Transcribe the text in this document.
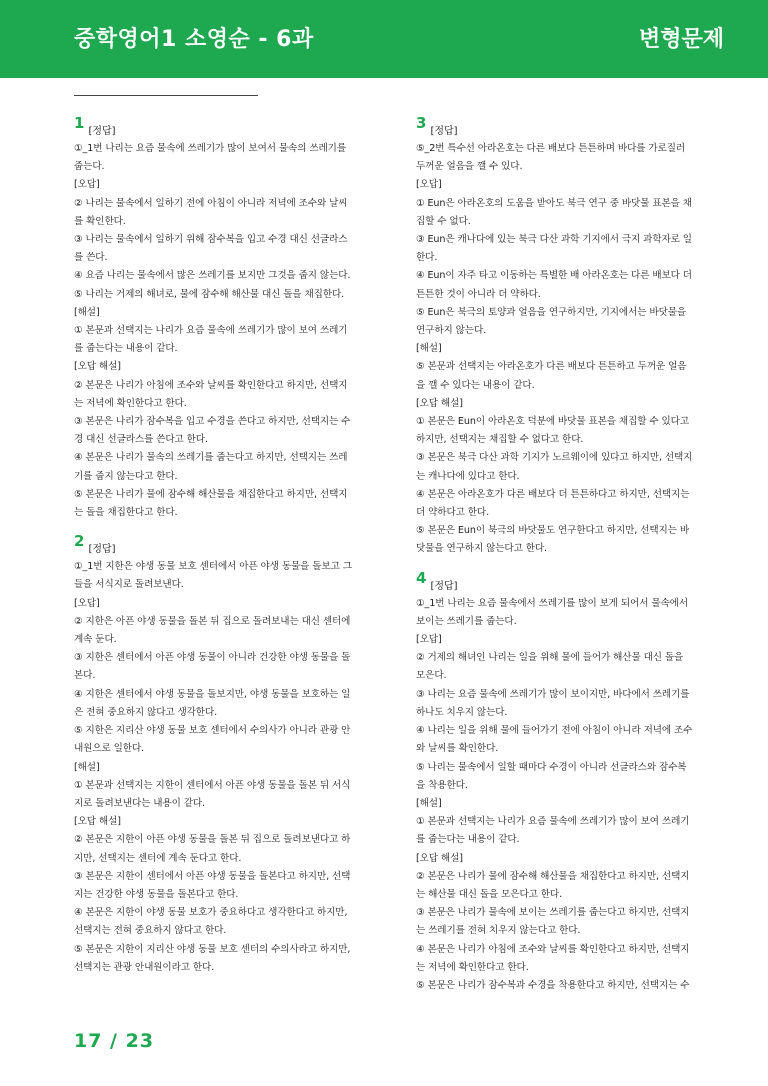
중학영어1 소영순 - 6과	변형문제
1 [정답]
①_1번 나리는 요즘 물속에 쓰레기가 많이 보여서 물속의 쓰레기를
줍는다.
[오답]
② 나리는 물속에서 일하기 전에 아침이 아니라 저녁에 조수와 날씨
를 확인한다.
③ 나리는 물속에서 일하기 위해 잠수복을 입고 수경 대신 선글라스
를 쓴다.
④ 요즘 나리는 물속에서 많은 쓰레기를 보지만 그것을 줍지 않는다.
⑤ 나리는 거제의 해녀로, 물에 잠수해 해산물 대신 돌을 채집한다.
[해설]
① 본문과 선택지는 나리가 요즘 물속에 쓰레기가 많이 보여 쓰레기
를 줍는다는 내용이 같다.
[오답 해설]
② 본문은 나리가 아침에 조수와 날씨를 확인한다고 하지만, 선택지
는 저녁에 확인한다고 한다.
③ 본문은 나리가 잠수복을 입고 수경을 쓴다고 하지만, 선택지는 수
경 대신 선글라스를 쓴다고 한다.
④ 본문은 나리가 물속의 쓰레기를 줍는다고 하지만, 선택지는 쓰레
기를 줍지 않는다고 한다.
⑤ 본문은 나리가 물에 잠수해 해산물을 채집한다고 하지만, 선택지
는 돌을 채집한다고 한다.
2 [정답]
①_1번 지한은 야생 동물 보호 센터에서 아픈 야생 동물을 돌보고 그
들을 서식지로 돌려보낸다.
[오답]
② 지한은 아픈 야생 동물을 돌본 뒤 집으로 돌려보내는 대신 센터에
계속 둔다.
③ 지한은 센터에서 아픈 야생 동물이 아니라 건강한 야생 동물을 돌
본다.
④ 지한은 센터에서 야생 동물을 돌보지만, 야생 동물을 보호하는 일
은 전혀 중요하지 않다고 생각한다.
⑤ 지한은 지리산 야생 동물 보호 센터에서 수의사가 아니라 관광 안
내원으로 일한다.
[해설]
① 본문과 선택지는 지한이 센터에서 아픈 야생 동물을 돌본 뒤 서식
지로 돌려보낸다는 내용이 같다.
[오답 해설]
② 본문은 지한이 아픈 야생 동물을 돌본 뒤 집으로 돌려보낸다고 하
지만, 선택지는 센터에 계속 둔다고 한다.
③ 본문은 지한이 센터에서 아픈 야생 동물을 돌본다고 하지만, 선택
지는 건강한 야생 동물을 돌본다고 한다.
④ 본문은 지한이 야생 동물 보호가 중요하다고 생각한다고 하지만,
선택지는 전혀 중요하지 않다고 한다.
⑤ 본문은 지한이 지리산 야생 동물 보호 센터의 수의사라고 하지만,
선택지는 관광 안내원이라고 한다.
3 [정답]
⑤_2번 특수선 아라온호는 다른 배보다 튼튼하며 바다를 가로질러
두꺼운 얼음을 깰 수 있다.
[오답]
① Eun은 아라온호의 도움을 받아도 북극 연구 중 바닷물 표본을 채
집할 수 없다.
③ Eun은 캐나다에 있는 북극 다산 과학 기지에서 극지 과학자로 일
한다.
④ Eun이 자주 타고 이동하는 특별한 배 아라온호는 다른 배보다 더
튼튼한 것이 아니라 더 약하다.
⑤ Eun은 북극의 토양과 얼음을 연구하지만, 기지에서는 바닷물을
연구하지 않는다.
[해설]
⑤ 본문과 선택지는 아라온호가 다른 배보다 튼튼하고 두꺼운 얼음
을 깰 수 있다는 내용이 같다.
[오답 해설]
① 본문은 Eun이 아라온호 덕분에 바닷물 표본을 채집할 수 있다고
하지만, 선택지는 채집할 수 없다고 한다.
③ 본문은 북극 다산 과학 기지가 노르웨이에 있다고 하지만, 선택지
는 캐나다에 있다고 한다.
④ 본문은 아라온호가 다른 배보다 더 튼튼하다고 하지만, 선택지는
더 약하다고 한다.
⑤ 본문은 Eun이 북극의 바닷물도 연구한다고 하지만, 선택지는 바
닷물을 연구하지 않는다고 한다.
4 [정답]
①_1번 나리는 요즘 물속에서 쓰레기를 많이 보게 되어서 물속에서
보이는 쓰레기를 줍는다.
[오답]
② 거제의 해녀인 나리는 일을 위해 물에 들어가 해산물 대신 돌을
모은다.
③ 나리는 요즘 물속에 쓰레기가 많이 보이지만, 바다에서 쓰레기를
하나도 치우지 않는다.
④ 나리는 일을 위해 물에 들어가기 전에 아침이 아니라 저녁에 조수
와 날씨를 확인한다.
⑤ 나리는 물속에서 일할 때마다 수경이 아니라 선글라스와 잠수복
을 착용한다.
[해설]
① 본문과 선택지는 나리가 요즘 물속에 쓰레기가 많이 보여 쓰레기
를 줍는다는 내용이 같다.
[오답 해설]
② 본문은 나리가 물에 잠수해 해산물을 채집한다고 하지만, 선택지
는 해산물 대신 돌을 모은다고 한다.
③ 본문은 나리가 물속에 보이는 쓰레기를 줍는다고 하지만, 선택지
는 쓰레기를 전혀 치우지 않는다고 한다.
④ 본문은 나리가 아침에 조수와 날씨를 확인한다고 하지만, 선택지
는 저녁에 확인한다고 한다.
⑤ 본문은 나리가 잠수복과 수경을 착용한다고 하지만, 선택지는 수
17 / 23
